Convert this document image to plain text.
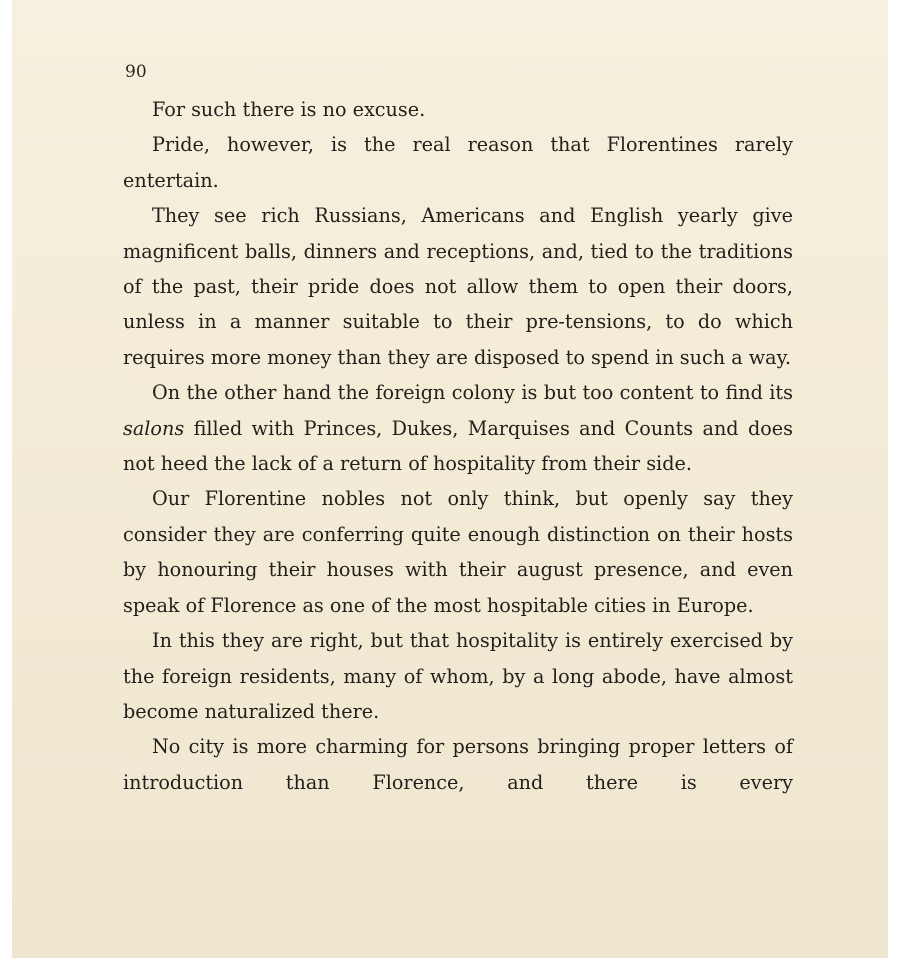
90

For such there is no excuse.

Pride, however, is the real reason that Florentines rarely entertain.

They see rich Russians, Americans and English yearly give magnificent balls, dinners and receptions, and, tied to the traditions of the past, their pride does not allow them to open their doors, unless in a manner suitable to their pre-tensions, to do which requires more money than they are disposed to spend in such a way.

On the other hand the foreign colony is but too content to find its salons filled with Princes, Dukes, Marquises and Counts and does not heed the lack of a return of hospitality from their side.

Our Florentine nobles not only think, but openly say they consider they are conferring quite enough distinction on their hosts by honouring their houses with their august presence, and even speak of Florence as one of the most hospitable cities in Europe.

In this they are right, but that hospitality is entirely exercised by the foreign residents, many of whom, by a long abode, have almost become naturalized there.

No city is more charming for persons bringing proper letters of introduction than Florence, and there is every
